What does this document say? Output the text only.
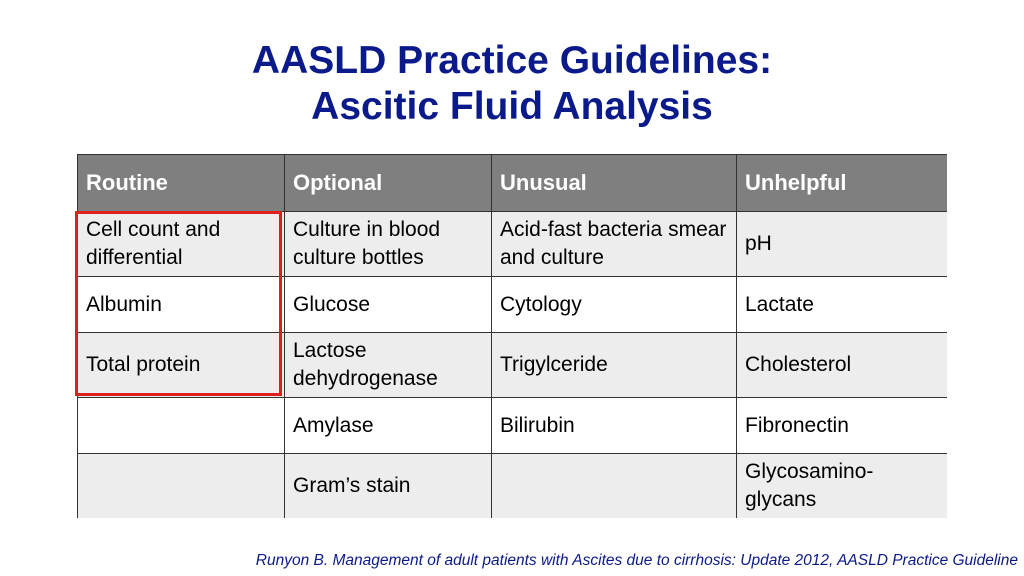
AASLD Practice Guidelines:
Ascitic Fluid Analysis
Routine	Optional	Unusual	Unhelpful
Cell count and differential	Culture in blood culture bottles	Acid-fast bacteria smear and culture	pH
Albumin	Glucose	Cytology	Lactate
Total protein	Lactose dehydrogenase	Trigylceride	Cholesterol
	Amylase	Bilirubin	Fibronectin
	Gram’s stain		Glycosamino-glycans
Runyon B. Management of adult patients with Ascites due to cirrhosis: Update 2012, AASLD Practice Guideline
